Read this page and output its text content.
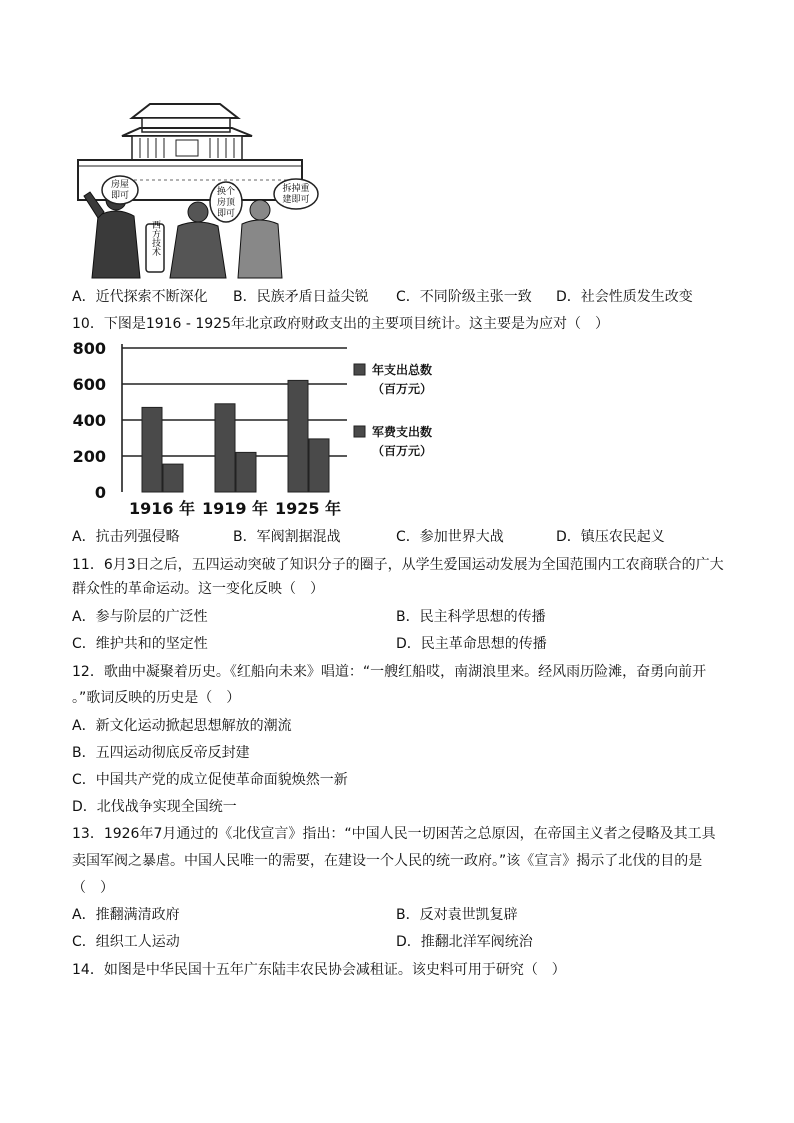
房屋
即可	换个
房顶
即可
拆掉重
建即可
西方技术
A．近代探索不断深化 B．民族矛盾日益尖锐 C．不同阶级主张一致 D．社会性质发生改变
10．下图是1916 - 1925年北京政府财政支出的主要项目统计。这主要是为应对（　）
0
200
400
600
800
1916 年 1919 年 1925 年
年支出总数
（百万元）
军费支出数
（百万元）
A．抗击列强侵略	B．军阀割据混战	C．参加世界大战	D．镇压农民起义
11．6月3日之后，五四运动突破了知识分子的圈子，从学生爱国运动发展为全国范围内工农商联合的广大
群众性的革命运动。这一变化反映（　）
A．参与阶层的广泛性	B．民主科学思想的传播
C．维护共和的坚定性	D．民主革命思想的传播
12．歌曲中凝聚着历史。《红船向未来》唱道：“一艘红船哎，南湖浪里来。经风雨历险滩，奋勇向前开
。”歌词反映的历史是（　）
A．新文化运动掀起思想解放的潮流
B．五四运动彻底反帝反封建
C．中国共产党的成立促使革命面貌焕然一新
D．北伐战争实现全国统一
13．1926年7月通过的《北伐宣言》指出：“中国人民一切困苦之总原因，在帝国主义者之侵略及其工具
卖国军阀之暴虐。中国人民唯一的需要，在建设一个人民的统一政府。”该《宣言》揭示了北伐的目的是
（　）
A．推翻满清政府	B．反对袁世凯复辟
C．组织工人运动	D．推翻北洋军阀统治
14．如图是中华民国十五年广东陆丰农民协会减租证。该史料可用于研究（　）
